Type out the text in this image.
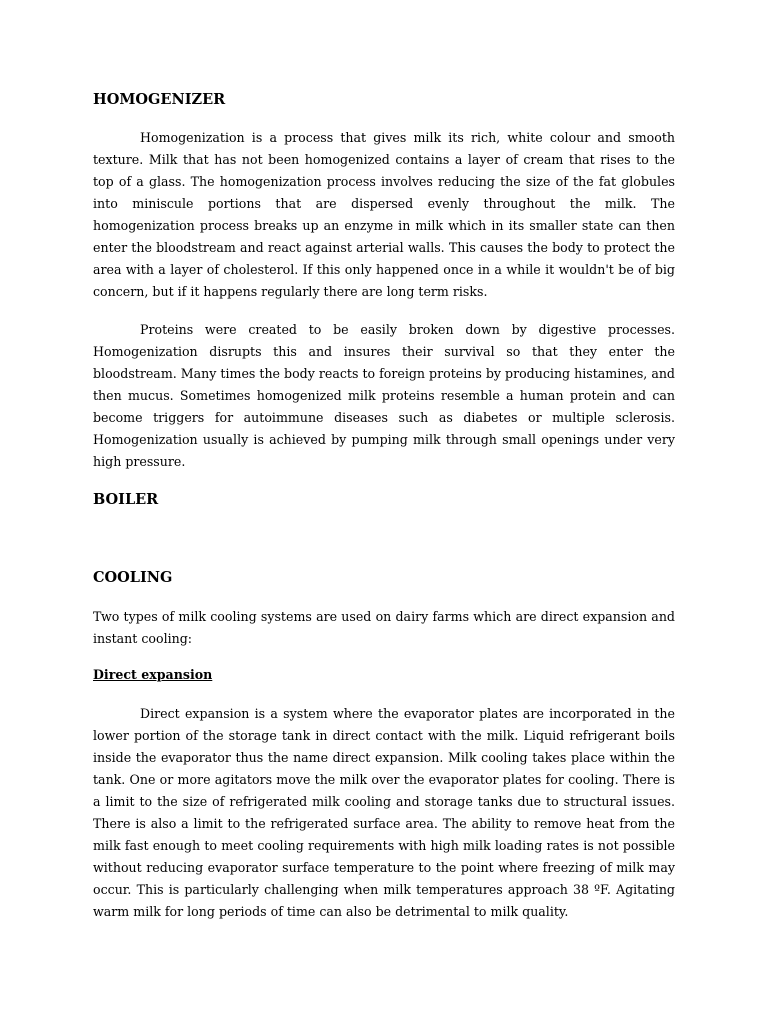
HOMOGENIZER

Homogenization is a process that gives milk its rich, white colour and smooth texture. Milk that has not been homogenized contains a layer of cream that rises to the top of a glass. The homogenization process involves reducing the size of the fat globules into miniscule portions that are dispersed evenly throughout the milk. The homogenization process breaks up an enzyme in milk which in its smaller state can then enter the bloodstream and react against arterial walls. This causes the body to protect the area with a layer of cholesterol. If this only happened once in a while it wouldn't be of big concern, but if it happens regularly there are long term risks.

Proteins were created to be easily broken down by digestive processes. Homogenization disrupts this and insures their survival so that they enter the bloodstream. Many times the body reacts to foreign proteins by producing histamines, and then mucus. Sometimes homogenized milk proteins resemble a human protein and can become triggers for autoimmune diseases such as diabetes or multiple sclerosis. Homogenization usually is achieved by pumping milk through small openings under very high pressure.

BOILER
COOLING

Two types of milk cooling systems are used on dairy farms which are direct expansion and instant cooling:

Direct expansion

Direct expansion is a system where the evaporator plates are incorporated in the lower portion of the storage tank in direct contact with the milk. Liquid refrigerant boils inside the evaporator thus the name direct expansion. Milk cooling takes place within the tank. One or more agitators move the milk over the evaporator plates for cooling. There is a limit to the size of refrigerated milk cooling and storage tanks due to structural issues. There is also a limit to the refrigerated surface area. The ability to remove heat from the milk fast enough to meet cooling requirements with high milk loading rates is not possible without reducing evaporator surface temperature to the point where freezing of milk may occur. This is particularly challenging when milk temperatures approach 38 ºF. Agitating warm milk for long periods of time can also be detrimental to milk quality.
